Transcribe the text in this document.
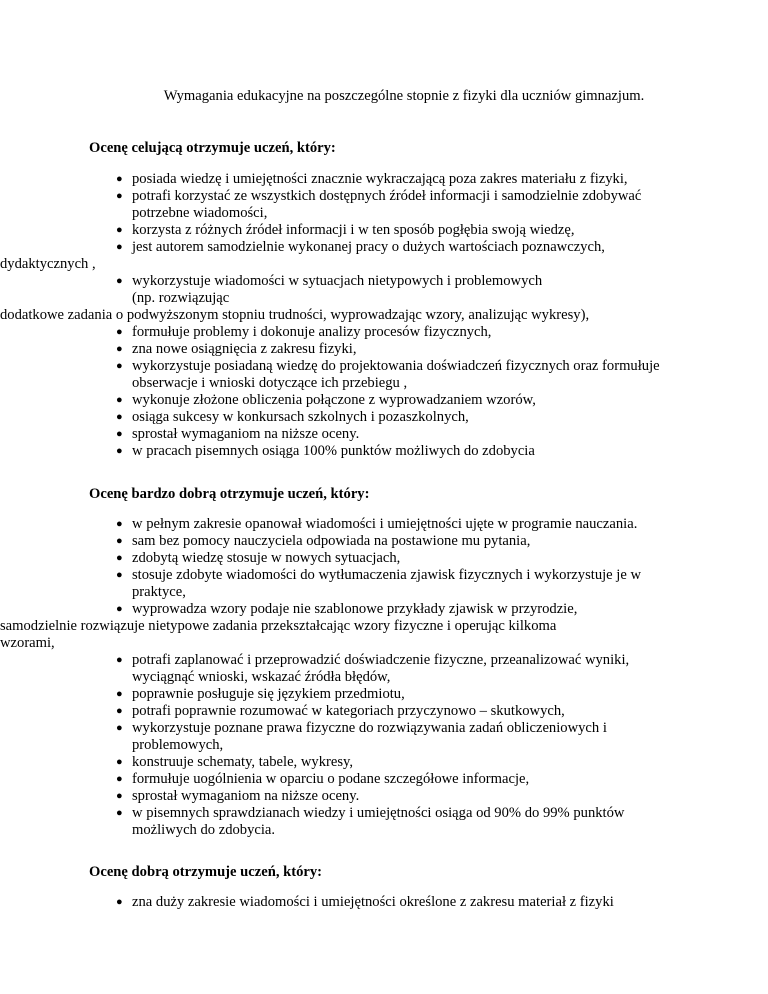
Wymagania edukacyjne na poszczególne stopnie z fizyki dla uczniów gimnazjum.
Ocenę celującą otrzymuje uczeń, który:
● posiada wiedzę i umiejętności znacznie wykraczającą poza zakres materiału z fizyki,
● potrafi korzystać ze wszystkich dostępnych źródeł informacji i samodzielnie zdobywać potrzebne wiadomości,
● korzysta z różnych źródeł informacji i w ten sposób pogłębia swoją wiedzę,
● jest autorem samodzielnie wykonanej pracy o dużych wartościach poznawczych, dydaktycznych ,
● wykorzystuje wiadomości w sytuacjach nietypowych i problemowych (np. rozwiązując
dodatkowe zadania o podwyższonym stopniu trudności, wyprowadzając wzory, analizując wykresy),
● formułuje problemy i dokonuje analizy procesów fizycznych,
● zna nowe osiągnięcia z zakresu fizyki,
● wykorzystuje posiadaną wiedzę do projektowania doświadczeń fizycznych oraz formułuje obserwacje i wnioski dotyczące ich przebiegu ,
● wykonuje złożone obliczenia połączone z wyprowadzaniem wzorów,
● osiąga sukcesy w konkursach szkolnych i pozaszkolnych,
● sprostał wymaganiom na niższe oceny.
● w pracach pisemnych osiąga 100% punktów możliwych do zdobycia
Ocenę bardzo dobrą otrzymuje uczeń, który:
● w pełnym zakresie opanował wiadomości i umiejętności ujęte w programie nauczania.
● sam bez pomocy nauczyciela odpowiada na postawione mu pytania,
● zdobytą wiedzę stosuje w nowych sytuacjach,
● stosuje zdobyte wiadomości do wytłumaczenia zjawisk fizycznych i wykorzystuje je w praktyce,
● wyprowadza wzory podaje nie szablonowe przykłady zjawisk w przyrodzie, samodzielnie rozwiązuje nietypowe zadania przekształcając wzory fizyczne i operując kilkoma wzorami,
● potrafi zaplanować i przeprowadzić doświadczenie fizyczne, przeanalizować wyniki, wyciągnąć wnioski, wskazać źródła błędów,
● poprawnie posługuje się językiem przedmiotu,
● potrafi poprawnie rozumować w kategoriach przyczynowo – skutkowych,
● wykorzystuje poznane prawa fizyczne do rozwiązywania zadań obliczeniowych i problemowych,
● konstruuje schematy, tabele, wykresy,
● formułuje uogólnienia w oparciu o podane szczegółowe informacje,
● sprostał wymaganiom na niższe oceny.
● w pisemnych sprawdzianach wiedzy i umiejętności osiąga od 90% do 99% punktów możliwych do zdobycia.
Ocenę dobrą otrzymuje uczeń, który:
● zna duży zakresie wiadomości i umiejętności określone z zakresu materiał z fizyki
